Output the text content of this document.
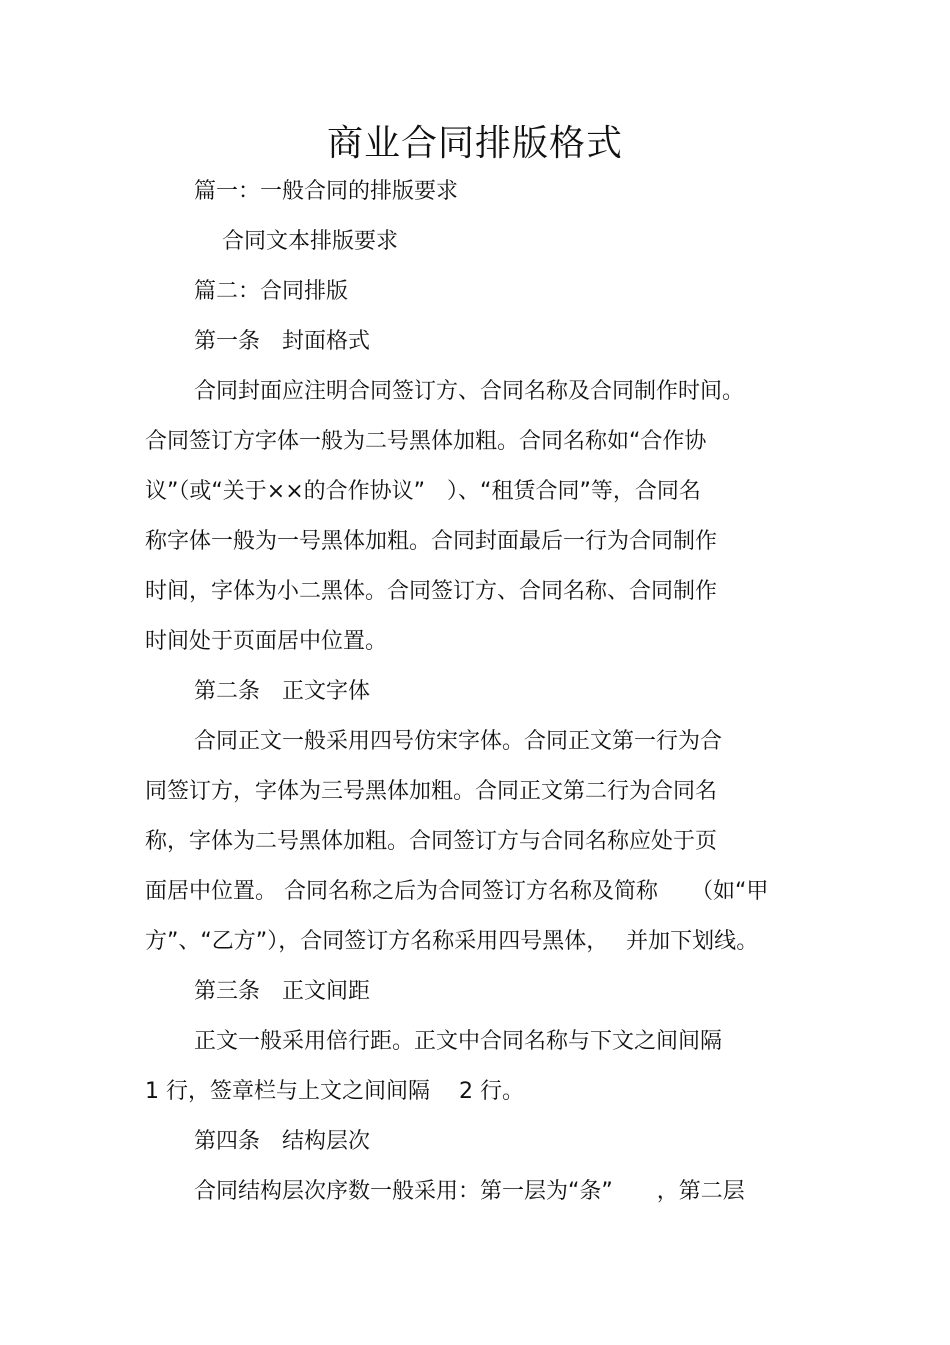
商业合同排版格式
篇一：一般合同的排版要求
合同文本排版要求
篇二：合同排版
第一条　封面格式
合同封面应注明合同签订方、合同名称及合同制作时间。
合同签订方字体一般为二号黑体加粗。合同名称如“合作协
议”（或“关于××的合作协议”　）、“租赁合同”等，合同名
称字体一般为一号黑体加粗。合同封面最后一行为合同制作
时间，字体为小二黑体。合同签订方、合同名称、合同制作
时间处于页面居中位置。
第二条　正文字体
合同正文一般采用四号仿宋字体。合同正文第一行为合
同签订方，字体为三号黑体加粗。合同正文第二行为合同名
称，字体为二号黑体加粗。合同签订方与合同名称应处于页
面居中位置。 合同名称之后为合同签订方名称及简称　　（如“甲
方”、“乙方”），合同签订方名称采用四号黑体，　 并加下划线。
第三条　正文间距
正文一般采用倍行距。正文中合同名称与下文之间间隔
1 行，签章栏与上文之间间隔　 2 行。
第四条　结构层次
合同结构层次序数一般采用：第一层为“条”　　，第二层
